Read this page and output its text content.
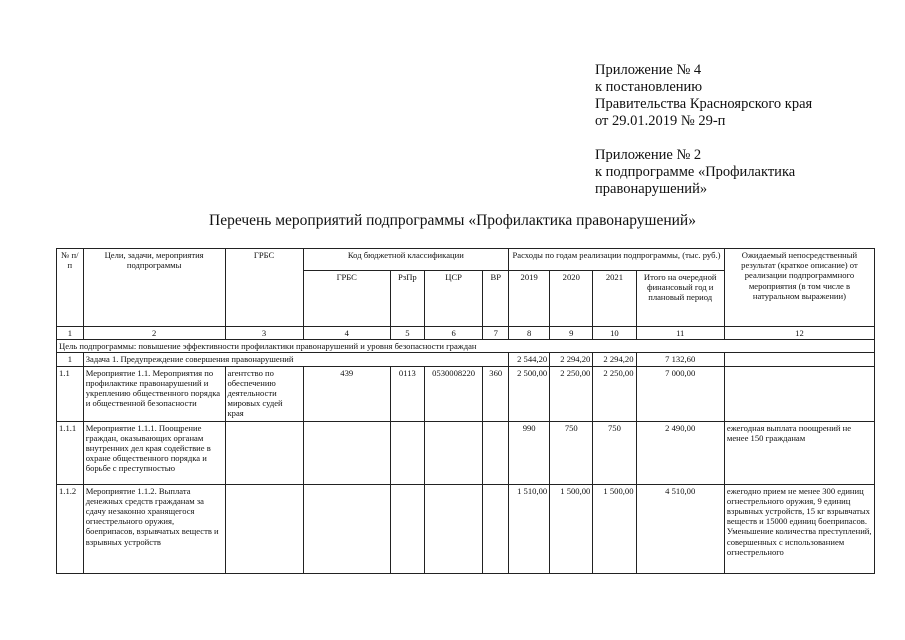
Приложение № 4
к постановлению
Правительства Красноярского края
от 29.01.2019 № 29-п
Приложение № 2
к подпрограмме «Профилактика
правонарушений»
Перечень мероприятий подпрограммы «Профилактика правонарушений»
№ п/п	Цели, задачи, мероприятия подпрограммы	ГРБС	Код бюджетной классификации				Расходы по годам реализации подпрограммы, (тыс. руб.)				Ожидаемый непосредственный результат (краткое описание) от реализации подпрограммного мероприятия (в том числе в натуральном выражении)
			ГРБС	РзПр	ЦСР	ВР	2019	2020	2021	Итого на очередной финансовый год и плановый период	
1	2	3	4	5	6	7	8	9	10	11	12
Цель подпрограммы: повышение эффективности профилактики правонарушений и уровня безопасности граждан											
1	Задача 1. Предупреждение совершения правонарушений						2 544,20	2 294,20	2 294,20	7 132,60	
1.1	Мероприятие 1.1. Мероприятия по профилактике правонарушений и укреплению общественного порядка и общественной безопасности	агентство по обеспечению деятельности мировых судей края	439	0113	0530008220	360	2 500,00	2 250,00	2 250,00	7 000,00	
1.1.1	Мероприятие 1.1.1. Поощрение граждан, оказывающих органам внутренних дел края содействие в охране общественного порядка и борьбе с преступностью						990	750	750	2 490,00	ежегодная выплата поощрений не менее 150 гражданам
1.1.2	Мероприятие 1.1.2. Выплата денежных средств гражданам за сдачу незаконно хранящегося огнестрельного оружия, боеприпасов, взрывчатых веществ и взрывных устройств						1 510,00	1 500,00	1 500,00	4 510,00	ежегодно прием не менее 300 единиц огнестрельного оружия, 9 единиц взрывных устройств, 15 кг взрывчатых веществ и 15000 единиц боеприпасов. Уменьшение количества преступлений, совершенных с использованием огнестрельного
